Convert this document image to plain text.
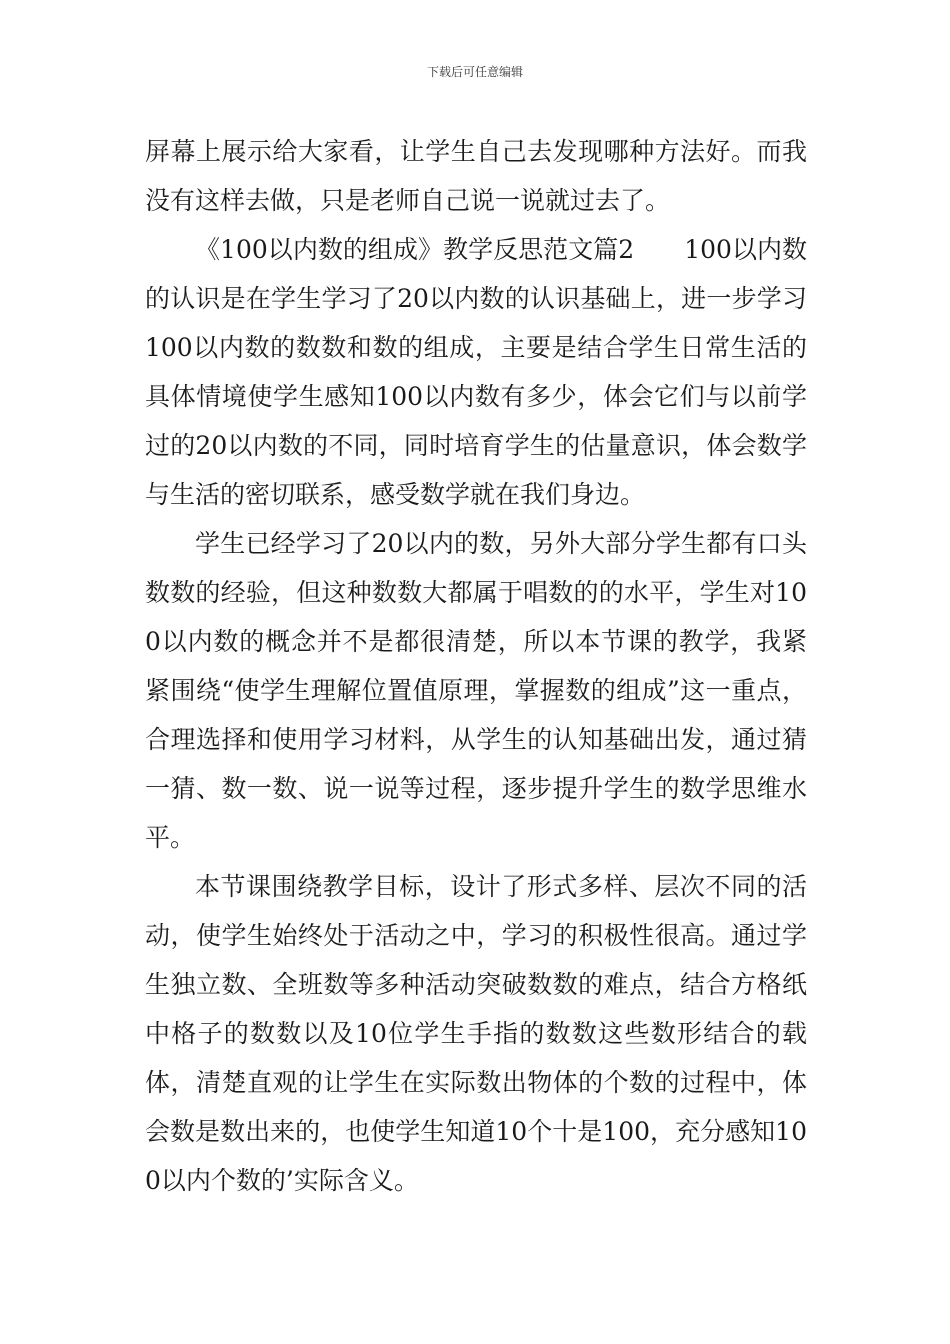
下载后可任意编辑

屏幕上展示给大家看，让学生自己去发现哪种方法好。而我没有这样去做，只是老师自己说一说就过去了。

《100以内数的组成》教学反思范文篇2 100以内数的认识是在学生学习了20以内数的认识基础上，进一步学习100以内数的数数和数的组成，主要是结合学生日常生活的具体情境使学生感知100以内数有多少，体会它们与以前学过的20以内数的不同，同时培育学生的估量意识，体会数学与生活的密切联系，感受数学就在我们身边。

学生已经学习了20以内的数，另外大部分学生都有口头数数的经验，但这种数数大都属于唱数的的水平，学生对100以内数的概念并不是都很清楚，所以本节课的教学，我紧紧围绕“使学生理解位置值原理，掌握数的组成”这一重点，合理选择和使用学习材料，从学生的认知基础出发，通过猜一猜、数一数、说一说等过程，逐步提升学生的数学思维水平。

本节课围绕教学目标，设计了形式多样、层次不同的活动，使学生始终处于活动之中，学习的积极性很高。通过学生独立数、全班数等多种活动突破数数的难点，结合方格纸中格子的数数以及10位学生手指的数数这些数形结合的载体，清楚直观的让学生在实际数出物体的个数的过程中，体会数是数出来的，也使学生知道10个十是100，充分感知100以内个数的’实际含义。
